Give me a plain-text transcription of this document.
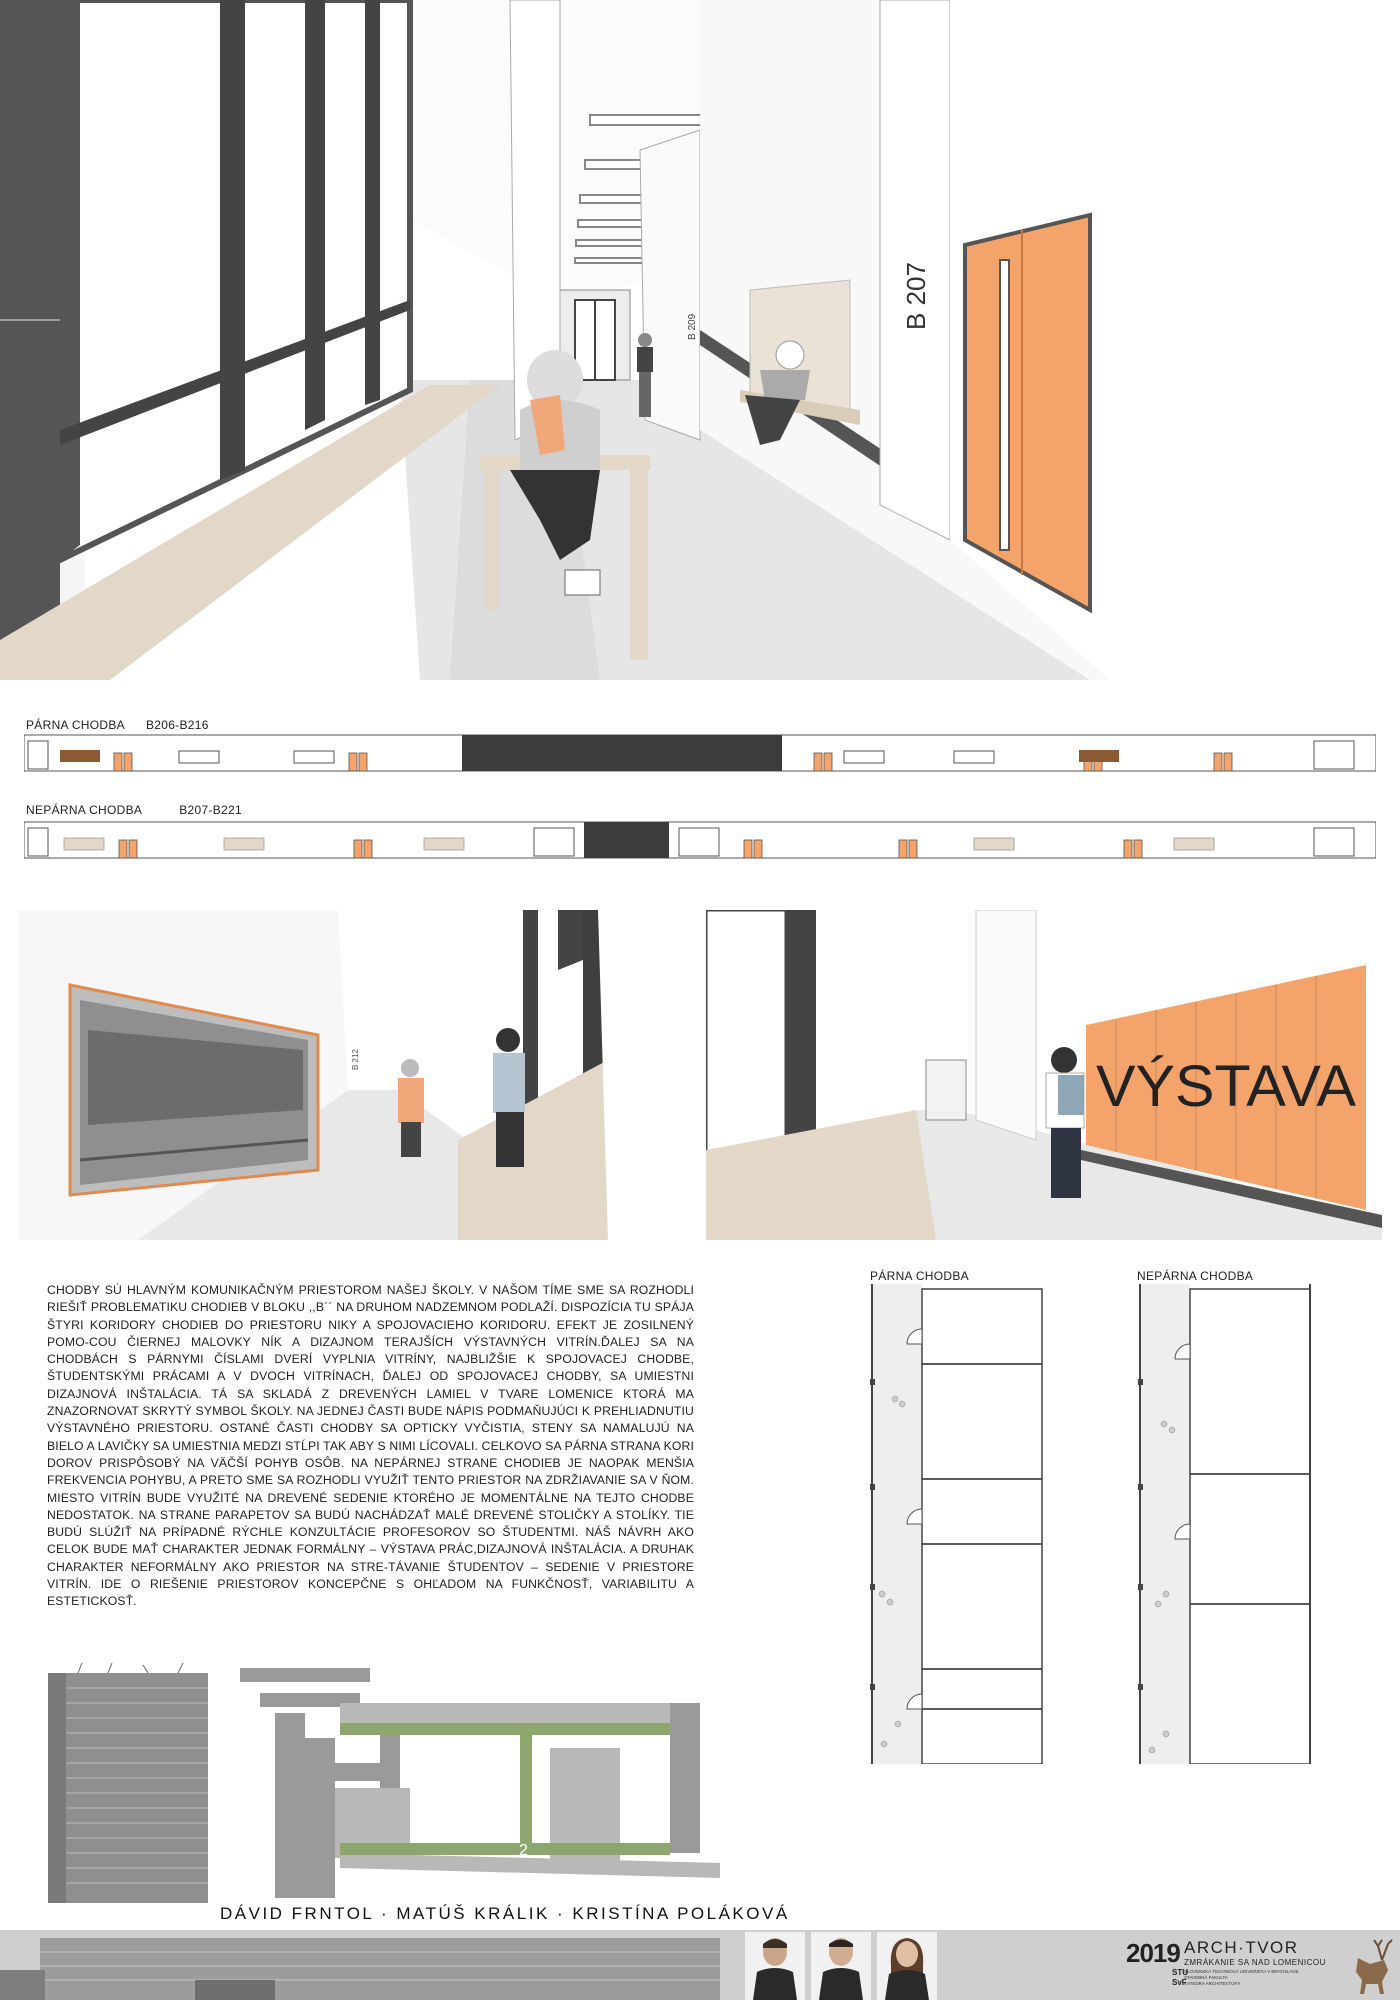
B 207
B 209
PÁRNA CHODBA B206-B216
NEPÁRNA CHODBA	B207-B221
B 212	VÝSTAVA
CHODBY SÚ HLAVNÝM KOMUNIKAČNÝM PRIESTOROM NAŠEJ ŠKOLY. V NAŠOM TÍME SME SA ROZHODLI RIEŠIŤ PROBLEMATIKU CHODIEB V BLOKU ,,B´´ NA DRUHOM NADZEMNOM PODLAŽÍ. DISPOZÍCIA TU SPÁJA ŠTYRI KORIDORY CHODIEB DO PRIESTORU NIKY A SPOJOVACIEHO KORIDORU. EFEKT JE ZOSILNENÝ POMO-COU ČIERNEJ MALOVKY NÍK A DIZAJNOM TERAJŠÍCH VÝSTAVNÝCH VITRÍN.ĎALEJ SA NA CHODBÁCH S PÁRNYMI ČÍSLAMI DVERÍ VYPLNIA VITRÍNY, NAJBLIŽŠIE K SPOJOVACEJ CHODBE, ŠTUDENTSKÝMI PRÁCAMI A V DVOCH VITRÍNACH, ĎALEJ OD SPOJOVACEJ CHODBY, SA UMIESTNI DIZAJNOVÁ INŠTALÁCIA. TÁ SA SKLADÁ Z DREVENÝCH LAMIEL V TVARE LOMENICE KTORÁ MA ZNAZORNOVAT SKRYTÝ SYMBOL ŠKOLY. NA JEDNEJ ČASTI BUDE NÁPIS PODMAŇUJÚCI K PREHLIADNUTIU VÝSTAVNÉHO PRIESTORU. OSTANÉ ČASTI CHODBY SA OPTICKY VYČISTIA, STENY SA NAMALUJÚ NA BIELO A LAVIČKY SA UMIESTNIA MEDZI STĹPI TAK ABY S NIMI LÍCOVALI. CELKOVO SA PÁRNA STRANA KORI DOROV PRISPÔSOBÝ NA VÄČŠÍ POHYB OSÔB. NA NEPÁRNEJ STRANE CHODIEB JE NAOPAK MENŠIA FREKVENCIA POHYBU, A PRETO SME SA ROZHODLI VYUŽIŤ TENTO PRIESTOR NA ZDRŽIAVANIE SA V ŇOM. MIESTO VITRÍN BUDE VYUŽITÉ NA DREVENÉ SEDENIE KTORÉHO JE MOMENTÁLNE NA TEJTO CHODBE NEDOSTATOK. NA STRANE PARAPETOV SA BUDÚ NACHÁDZAŤ MALÉ DREVENÉ STOLIČKY A STOLÍKY. TIE BUDÚ SLÚŽIŤ NA PRÍPADNÉ RÝCHLE KONZULTÁCIE PROFESOROV SO ŠTUDENTMI. NÁŠ NÁVRH AKO CELOK BUDE MAŤ CHARAKTER JEDNAK FORMÁLNY – VÝSTAVA PRÁC,DIZAJNOVÁ INŠTALÁCIA. A DRUHAK CHARAKTER NEFORMÁLNY AKO PRIESTOR NA STRE-TÁVANIE ŠTUDENTOV – SEDENIE V PRIESTORE VITRÍN. IDE O RIEŠENIE PRIESTOROV KONCEPČNE S OHĽADOM NA FUNKČNOSŤ, VARIABILITU A ESTETICKOSŤ.
PÁRNA CHODBA	NEPÁRNA CHODBA
2
DÁVID FRNTOL · MATÚŠ KRÁLIK · KRISTÍNA POLÁKOVÁ
2019
STU
SvF
ARCH·TVOR
ZMRÁKANIE SA NAD LOMENICOU
SLOVENSKÁ TECHNICKÁ UNIVERZITA V BRATISLAVE
STAVEBNÁ FAKULTA
KATEDRA ARCHITEKTÚRY
